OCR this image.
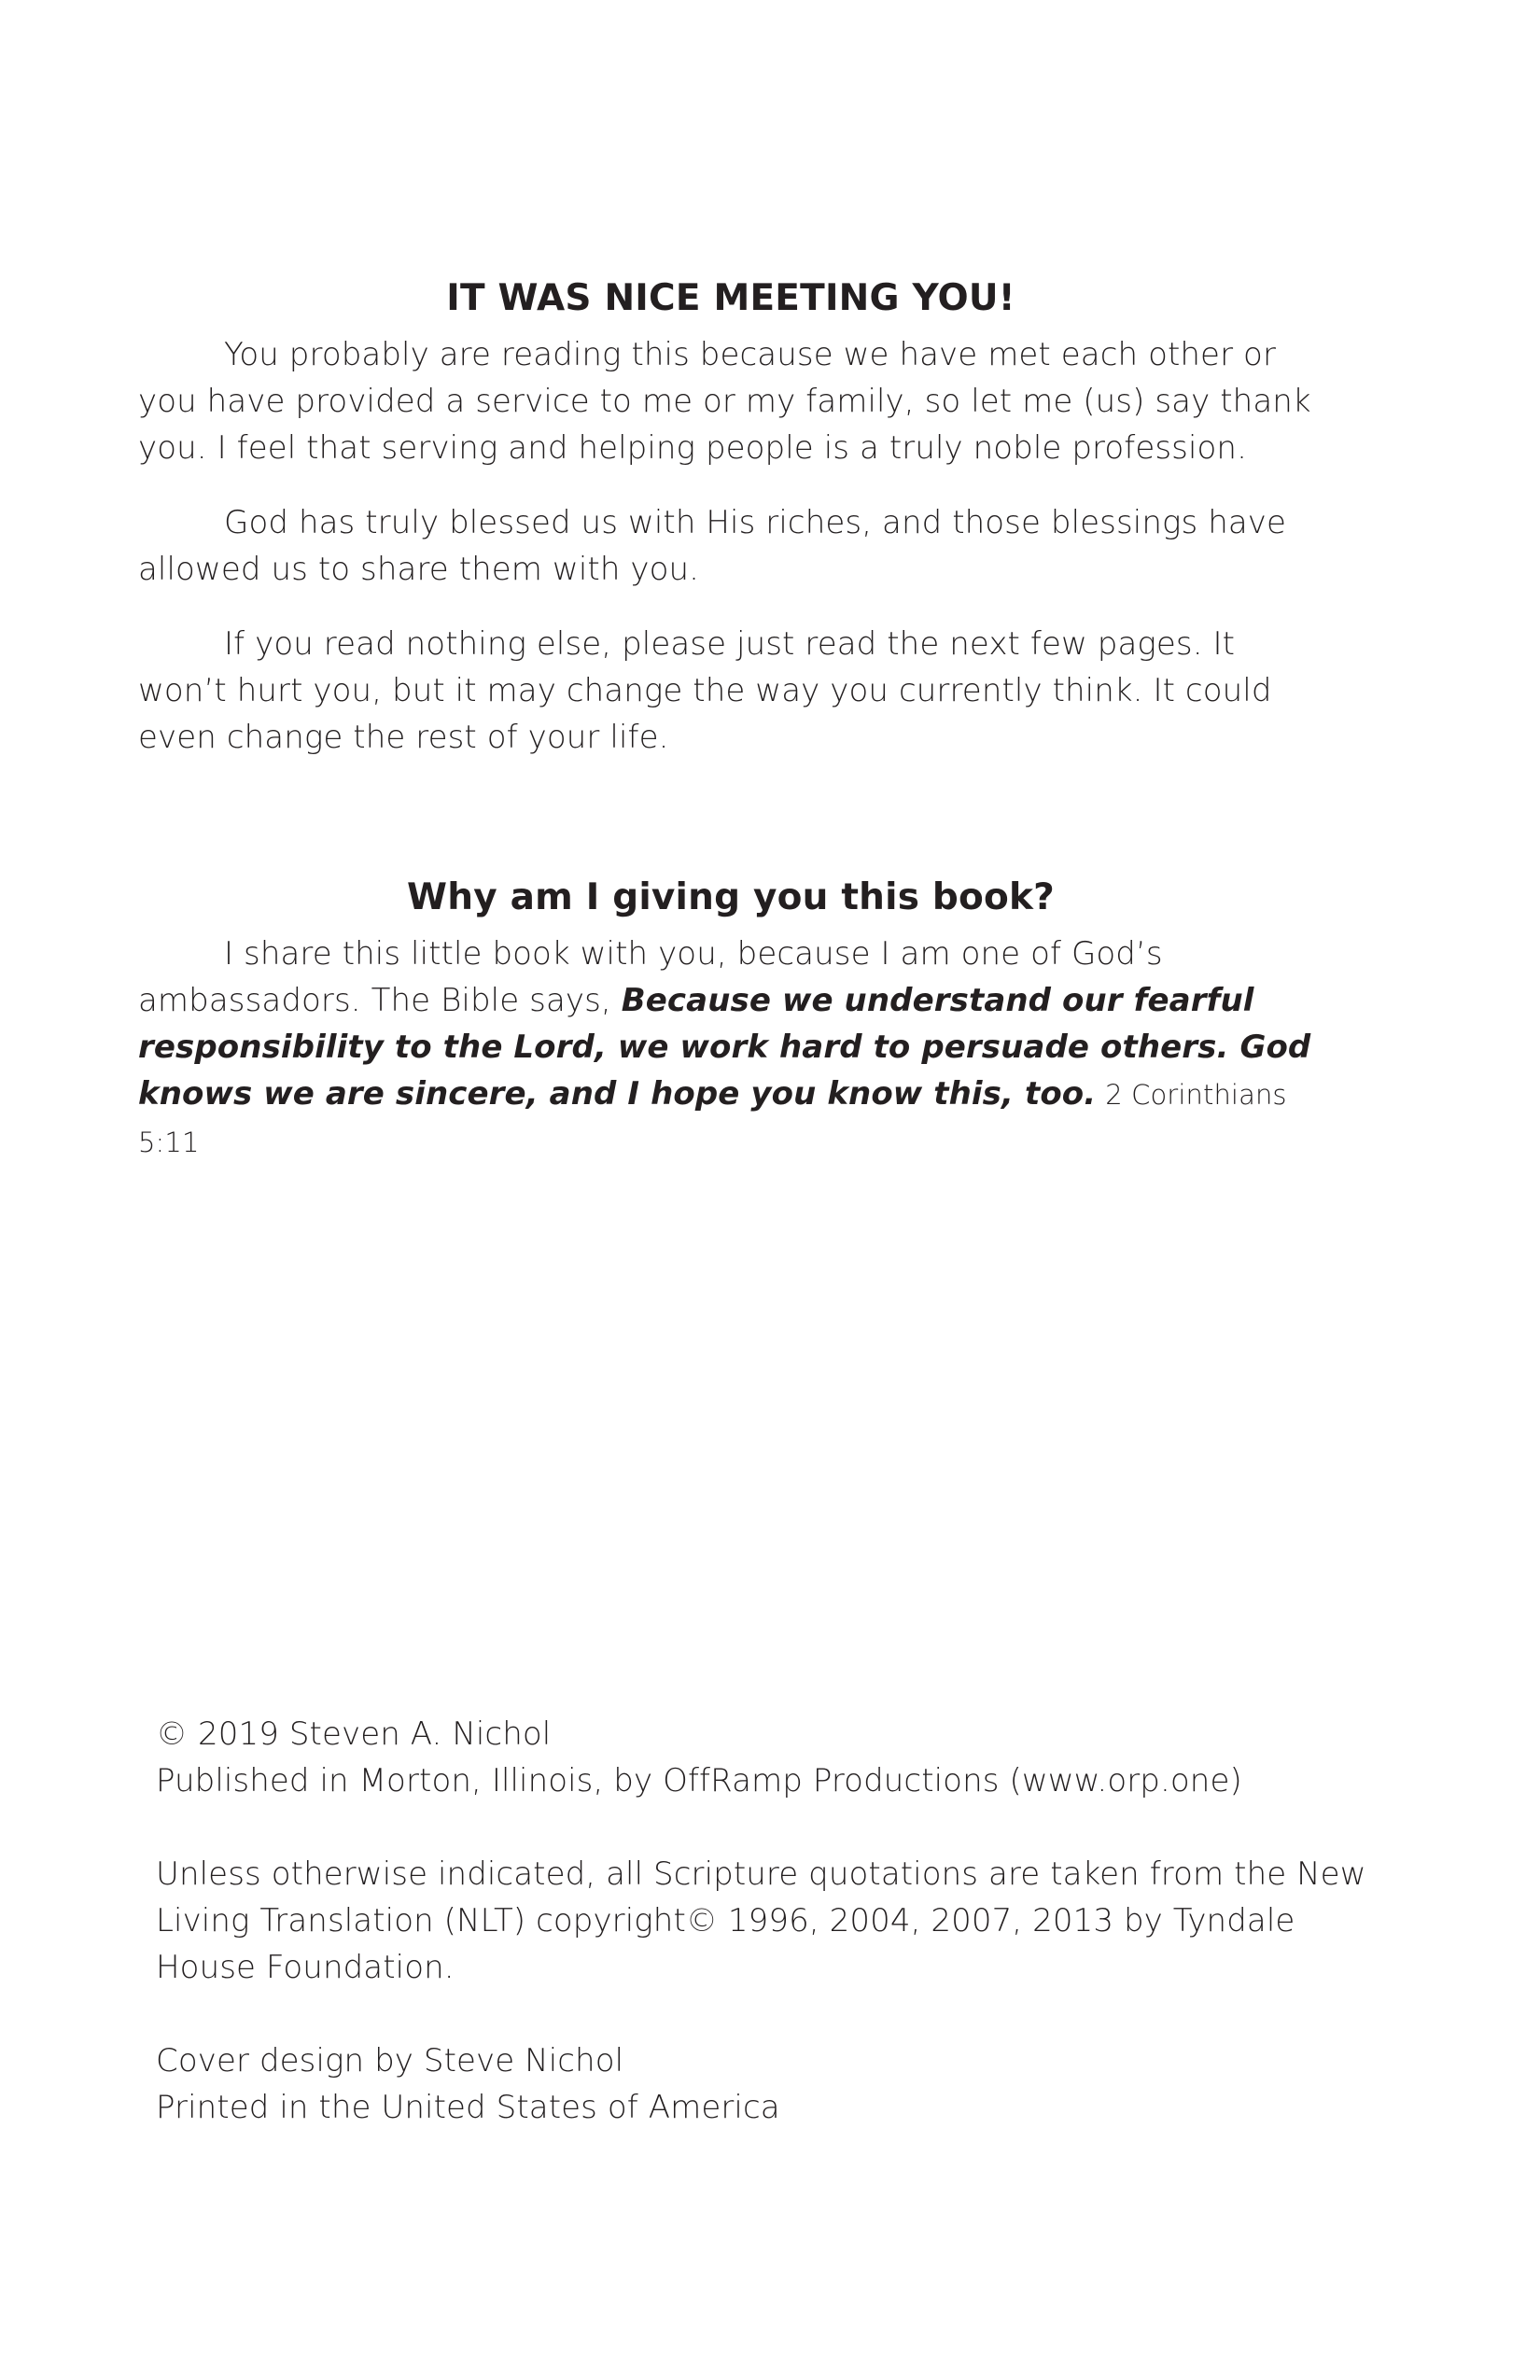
IT WAS NICE MEETING YOU!

You probably are reading this because we have met each other or you have provided a service to me or my family, so let me (us) say thank you. I feel that serving and helping people is a truly noble profession.

God has truly blessed us with His riches, and those blessings have allowed us to share them with you.

If you read nothing else, please just read the next few pages. It won’t hurt you, but it may change the way you currently think. It could even change the rest of your life.

Why am I giving you this book?

I share this little book with you, because I am one of God’s ambassadors. The Bible says, Because we understand our fearful responsibility to the Lord, we work hard to persuade others. God knows we are sincere, and I hope you know this, too. 2 Corinthians 5:11

© 2019 Steven A. Nichol
Published in Morton, Illinois, by OffRamp Productions (www.orp.one)
Unless otherwise indicated, all Scripture quotations are taken from the New Living Translation (NLT) copyright© 1996, 2004, 2007, 2013 by Tyndale House Foundation.
Cover design by Steve Nichol
Printed in the United States of America
